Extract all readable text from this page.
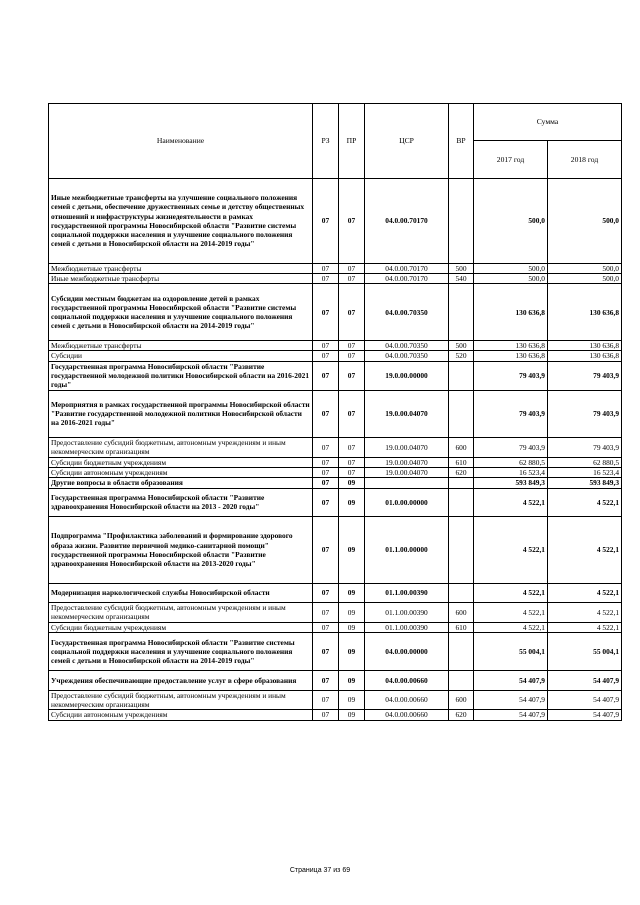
Наименование	РЗ	ПР	ЦСР	ВР	Сумма	
					2017 год	2018 год
Иные межбюджетные трансферты на улучшение социального положения семей с детьми, обеспечение дружественных семье и детству общественных отношений и инфраструктуры жизнедеятельности в рамках государственной программы Новосибирской области "Развитие системы социальной поддержки населения и улучшение социального положения семей с детьми в Новосибирской области на 2014-2019 годы"	07	07	04.0.00.70170		500,0	500,0
Межбюджетные трансферты	07	07	04.0.00.70170	500	500,0	500,0
Иные межбюджетные трансферты	07	07	04.0.00.70170	540	500,0	500,0
Субсидии местным бюджетам на оздоровление детей в рамках государственной программы Новосибирской области "Развитие системы социальной поддержки населения и улучшение социального положения семей с детьми в Новосибирской области на 2014-2019 годы"	07	07	04.0.00.70350		130 636,8	130 636,8
Межбюджетные трансферты	07	07	04.0.00.70350	500	130 636,8	130 636,8
Субсидии	07	07	04.0.00.70350	520	130 636,8	130 636,8
Государственная программа Новосибирской области "Развитие государственной молодежной политики Новосибирской области на 2016-2021 годы"	07	07	19.0.00.00000		79 403,9	79 403,9
Мероприятия в рамках государственной программы Новосибирской области "Развитие государственной молодежной политики Новосибирской области на 2016-2021 годы"	07	07	19.0.00.04070		79 403,9	79 403,9
Предоставление субсидий бюджетным, автономным учреждениям и иным некоммерческим организациям	07	07	19.0.00.04070	600	79 403,9	79 403,9
Субсидии бюджетным учреждениям	07	07	19.0.00.04070	610	62 880,5	62 880,5
Субсидии автономным учреждениям	07	07	19.0.00.04070	620	16 523,4	16 523,4
Другие вопросы в области образования	07	09			593 849,3	593 849,3
Государственная программа Новосибирской области "Развитие здравоохранения Новосибирской области на 2013 - 2020 годы"	07	09	01.0.00.00000		4 522,1	4 522,1
Подпрограмма "Профилактика заболеваний и формирование здорового образа жизни. Развитие первичной медико-санитарной помощи" государственной программы Новосибирской области "Развитие здравоохранения Новосибирской области на 2013-2020 годы"	07	09	01.1.00.00000		4 522,1	4 522,1
Модернизация наркологической службы Новосибирской области	07	09	01.1.00.00390		4 522,1	4 522,1
Предоставление субсидий бюджетным, автономным учреждениям и иным некоммерческим организациям	07	09	01.1.00.00390	600	4 522,1	4 522,1
Субсидии бюджетным учреждениям	07	09	01.1.00.00390	610	4 522,1	4 522,1
Государственная программа Новосибирской области "Развитие системы социальной поддержки населения и улучшение социального положения семей с детьми в Новосибирской области на 2014-2019 годы"	07	09	04.0.00.00000		55 004,1	55 004,1
Учреждения обеспечивающие предоставление услуг в сфере образования	07	09	04.0.00.00660		54 407,9	54 407,9
Предоставление субсидий бюджетным, автономным учреждениям и иным некоммерческим организациям	07	09	04.0.00.00660	600	54 407,9	54 407,9
Субсидии автономным учреждениям	07	09	04.0.00.00660	620	54 407,9	54 407,9
Страница 37 из 69
